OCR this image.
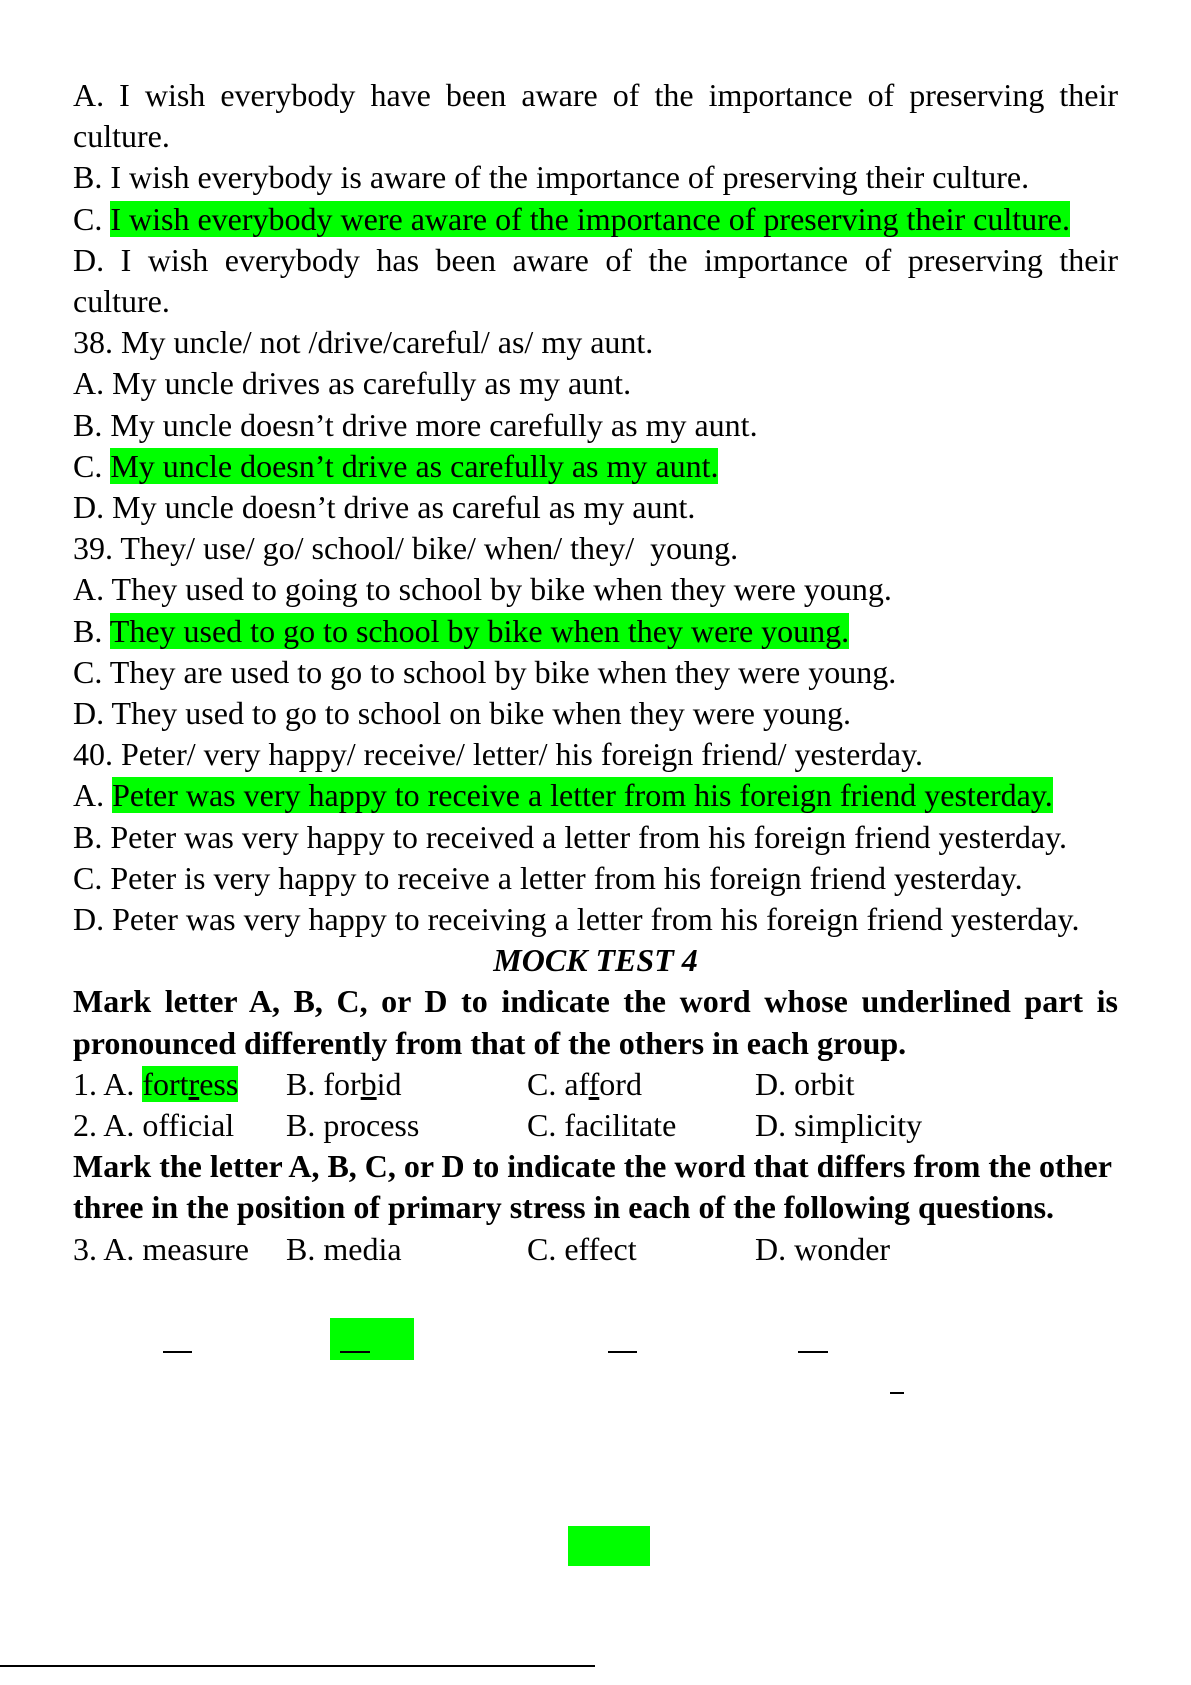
A. I wish everybody have been aware of the importance of preserving their culture.

B. I wish everybody is aware of the importance of preserving their culture.

C. I wish everybody were aware of the importance of preserving their culture.

D. I wish everybody has been aware of the importance of preserving their culture.

38. My uncle/ not /drive/careful/ as/ my aunt.

A. My uncle drives as carefully as my aunt.

B. My uncle doesn’t drive more carefully as my aunt.

C. My uncle doesn’t drive as carefully as my aunt.

D. My uncle doesn’t drive as careful as my aunt.

39. They/ use/ go/ school/ bike/ when/ they/  young.

A. They used to going to school by bike when they were young.

B. They used to go to school by bike when they were young.

C. They are used to go to school by bike when they were young.

D. They used to go to school on bike when they were young.

40. Peter/ very happy/ receive/ letter/ his foreign friend/ yesterday.

A. Peter was very happy to receive a letter from his foreign friend yesterday.

B. Peter was very happy to received a letter from his foreign friend yesterday.

C. Peter is very happy to receive a letter from his foreign friend yesterday.

D. Peter was very happy to receiving a letter from his foreign friend yesterday.

MOCK TEST 4

Mark letter A, B, C, or D to indicate the word whose underlined part is pronounced differently from that of the others in each group.

1. A. fortress	B. forbid	C. afford	D. orbit
2. A. official	B. process	C. facilitate	D. simplicity

Mark the letter A, B, C, or D to indicate the word that differs from the other three in the position of primary stress in each of the following questions.

3. A. measure	B. media	C. effect	D. wonder
